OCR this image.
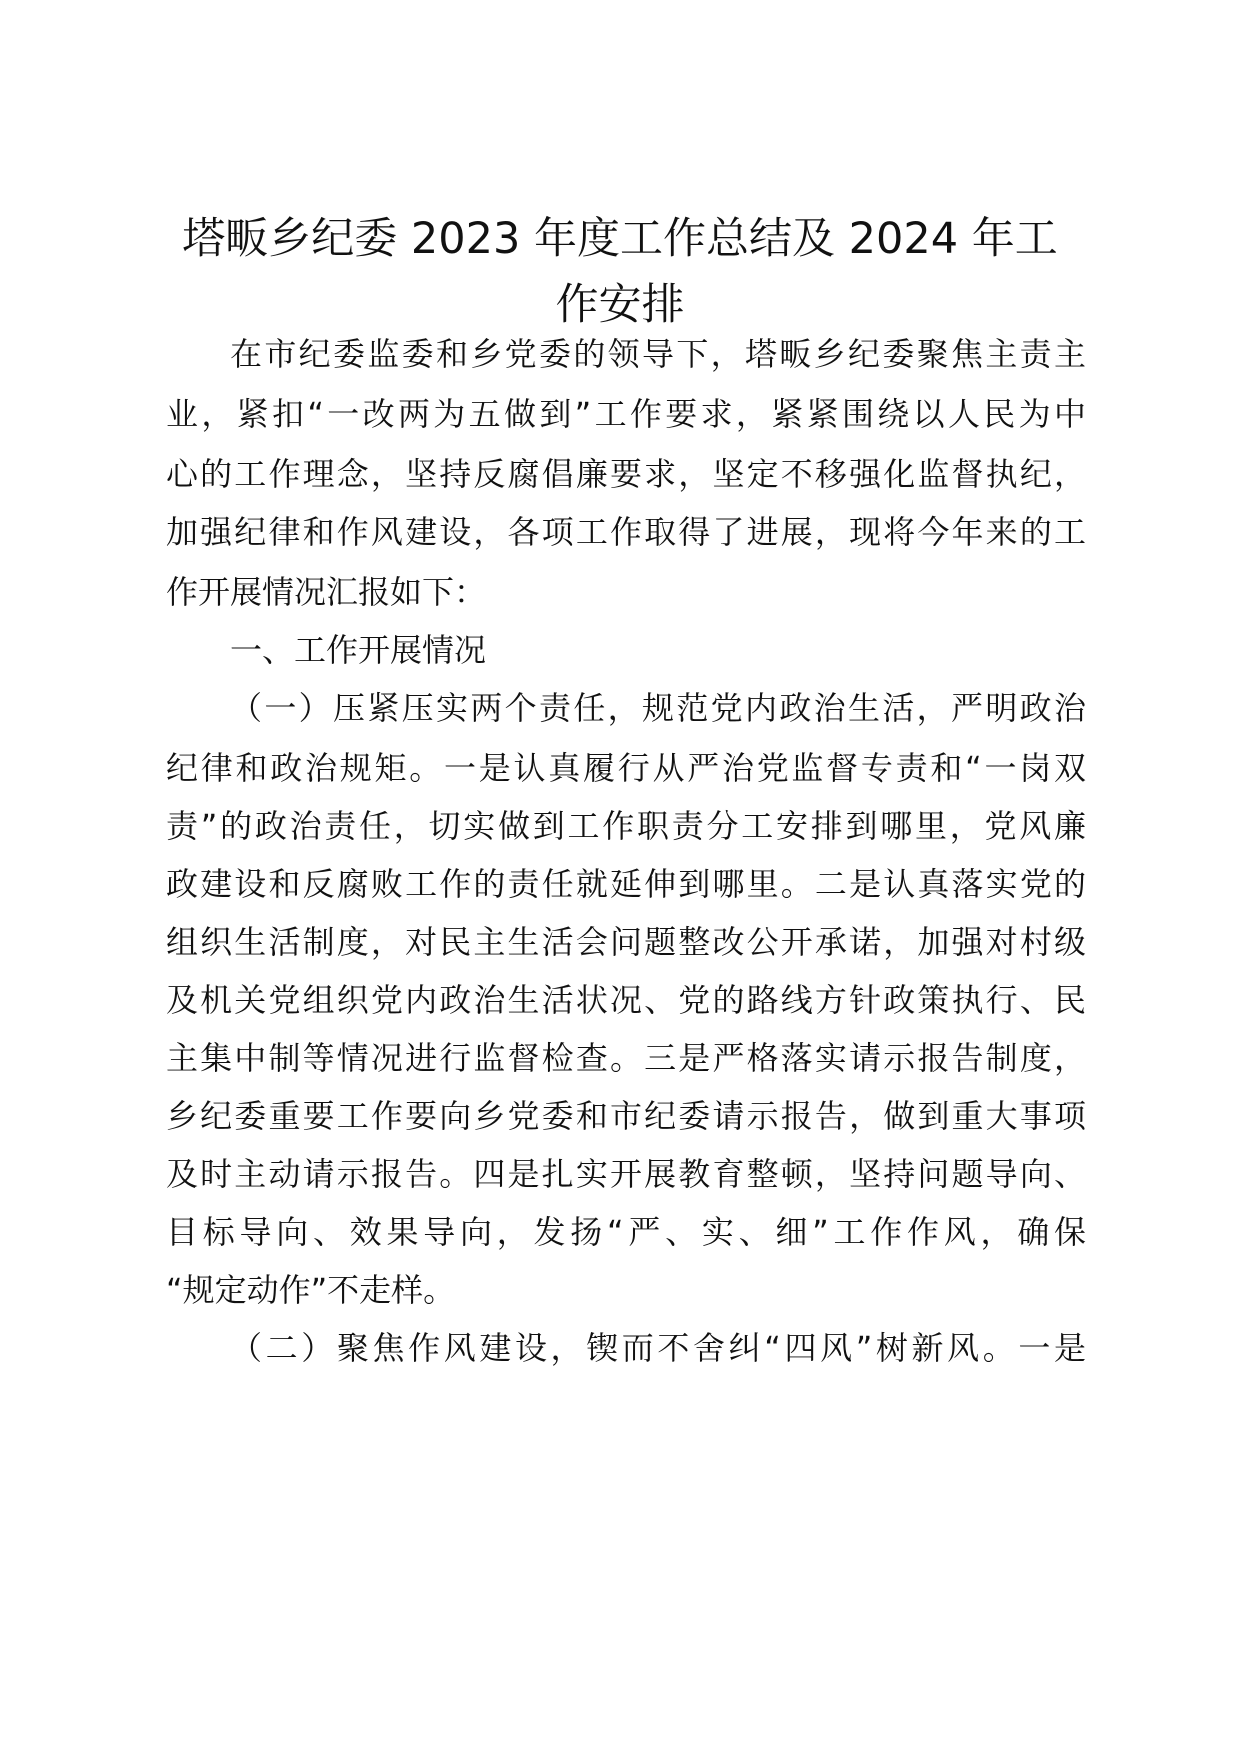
塔畈乡纪委 2023 年度工作总结及 2024 年工
作安排
在市纪委监委和乡党委的领导下，塔畈乡纪委聚焦主责主
业，紧扣“一改两为五做到”工作要求，紧紧围绕以人民为中
心的工作理念，坚持反腐倡廉要求，坚定不移强化监督执纪，
加强纪律和作风建设，各项工作取得了进展，现将今年来的工
作开展情况汇报如下：
一、工作开展情况
（一）压紧压实两个责任，规范党内政治生活，严明政治
纪律和政治规矩。一是认真履行从严治党监督专责和“一岗双
责”的政治责任，切实做到工作职责分工安排到哪里，党风廉
政建设和反腐败工作的责任就延伸到哪里。二是认真落实党的
组织生活制度，对民主生活会问题整改公开承诺，加强对村级
及机关党组织党内政治生活状况、党的路线方针政策执行、民
主集中制等情况进行监督检查。三是严格落实请示报告制度，
乡纪委重要工作要向乡党委和市纪委请示报告，做到重大事项
及时主动请示报告。四是扎实开展教育整顿，坚持问题导向、
目标导向、效果导向，发扬“严、实、细”工作作风，确保
“规定动作”不走样。
（二）聚焦作风建设，锲而不舍纠“四风”树新风。一是
